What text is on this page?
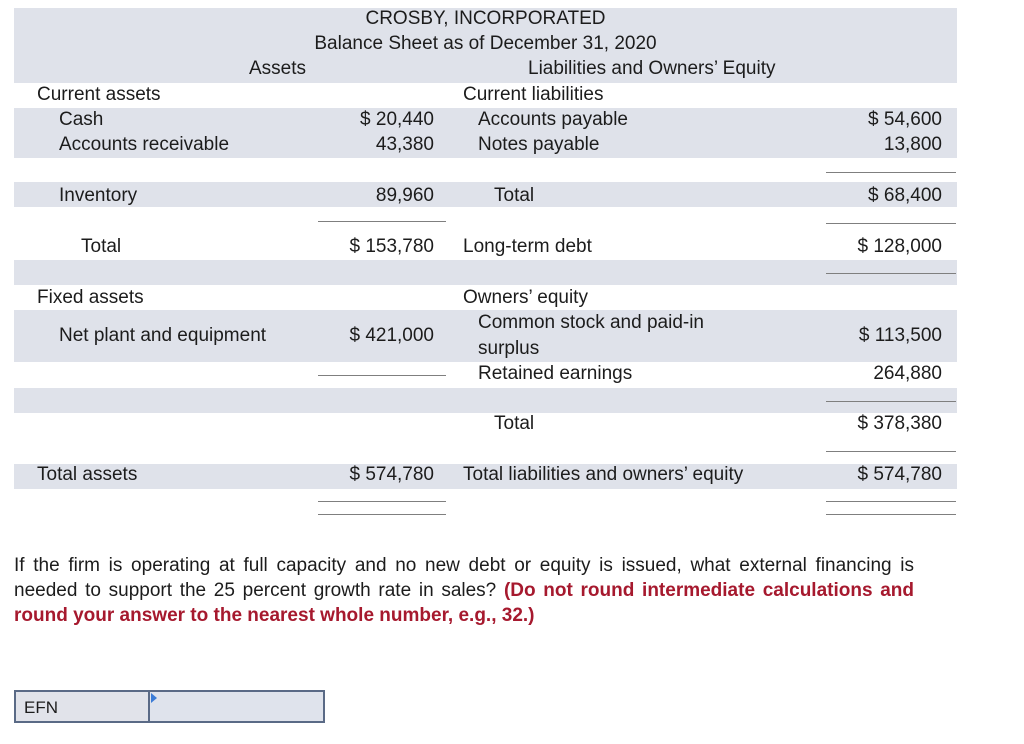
CROSBY, INCORPORATED
Balance Sheet as of December 31, 2020
Assets	Liabilities and Owners’ Equity
Current assets
Cash	$ 20,440
Accounts receivable	43,380
Inventory	89,960
Total	$ 153,780
Fixed assets
Net plant and equipment	$ 421,000
Total assets	$ 574,780
Current liabilities
Accounts payable	$ 54,600
Notes payable	13,800
Total	$ 68,400
Long-term debt	$ 128,000
Owners’ equity
Common stock and paid-in
surplus
$ 113,500
Retained earnings	264,880
Total	$ 378,380
Total liabilities and owners’ equity	$ 574,780
If the firm is operating at full capacity and no new debt or equity is issued, what external financing is needed to support the 25 percent growth rate in sales? (Do not round intermediate calculations and round your answer to the nearest whole number, e.g., 32.)
EFN
